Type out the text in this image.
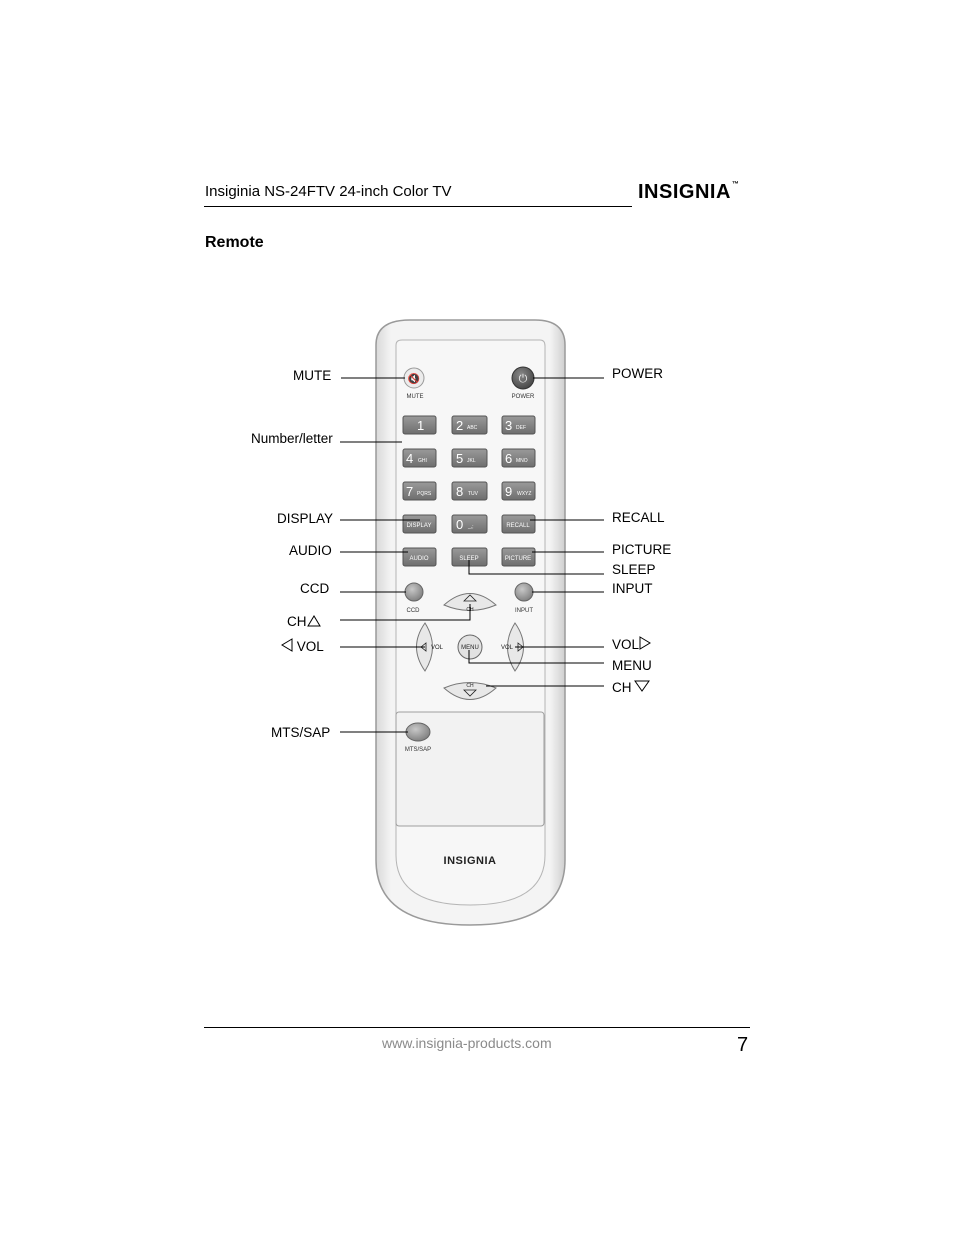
Insiginia NS-24FTV 24-inch Color TV	INSIGNIA™
Remote
🔇
MUTE
⏻
POWER
1 2 ABC 3 DEF
4 GHI 5 JKL 6 MNO
7 PQRS 8 TUV 9 WXYZ
DISPLAY 0 _,;	RECALL
AUDIO	SLEEP	PICTURE
CCD	INPUT
CH
VOL	MENU	VOL
CH
MTS/SAP
INSIGNIA
MUTE
Number/letter
DISPLAY
AUDIO
CCD
CH
VOL
MTS/SAP
POWER
RECALL
PICTURE
SLEEP
INPUT
VOL
MENU
CH
www.insignia-products.com	7
